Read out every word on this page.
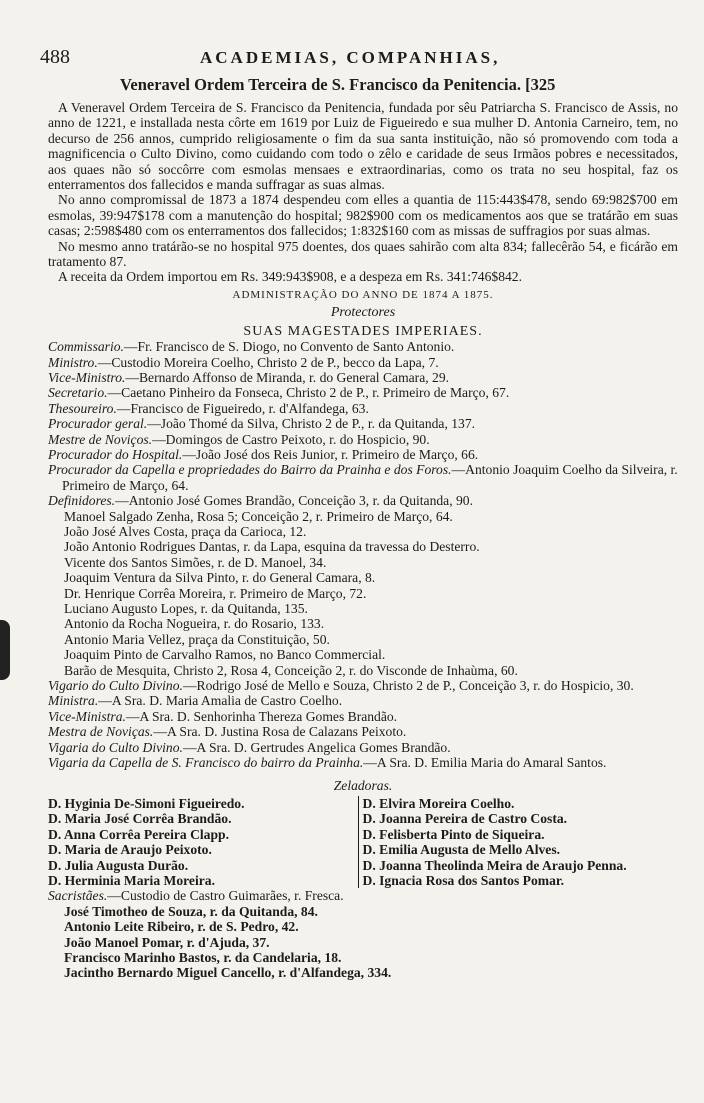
488	ACADEMIAS, COMPANHIAS,
Veneravel Ordem Terceira de S. Francisco da Penitencia. [325

A Veneravel Ordem Terceira de S. Francisco da Penitencia, fundada por sêu Patriarcha S. Francisco de Assis, no anno de 1221, e installada nesta côrte em 1619 por Luiz de Figueiredo e sua mulher D. Antonia Carneiro, tem, no decurso de 256 annos, cumprido religiosamente o fim da sua santa instituição, não só promovendo com toda a magnificencia o Culto Divino, como cuidando com todo o zêlo e caridade de seus Irmãos pobres e necessitados, aos quaes não só soccôrre com esmolas mensaes e extraordinarias, como os trata no seu hospital, faz os enterramentos dos fallecidos e manda suffragar as suas almas.

No anno compromissal de 1873 a 1874 despendeu com elles a quantia de 115:443$478, sendo 69:982$700 em esmolas, 39:947$178 com a manutenção do hospital; 982$900 com os medicamentos aos que se tratárão em suas casas; 2:598$480 com os enterramentos dos fallecidos; 1:832$160 com as missas de suffragios por suas almas.

No mesmo anno tratárão-se no hospital 975 doentes, dos quaes sahirão com alta 834; fallecêrão 54, e ficárão em tratamento 87.

A receita da Ordem importou em Rs. 349:943$908, e a despeza em Rs. 341:746$842.

ADMINISTRAÇÃO DO ANNO DE 1874 A 1875.
Protectores
SUAS MAGESTADES IMPERIAES.

Commissario.—Fr. Francisco de S. Diogo, no Convento de Santo Antonio.

Ministro.—Custodio Moreira Coelho, Christo 2 de P., becco da Lapa, 7.

Vice-Ministro.—Bernardo Affonso de Miranda, r. do General Camara, 29.

Secretario.—Caetano Pinheiro da Fonseca, Christo 2 de P., r. Primeiro de Março, 67.

Thesoureiro.—Francisco de Figueiredo, r. d'Alfandega, 63.

Procurador geral.—João Thomé da Silva, Christo 2 de P., r. da Quitanda, 137.

Mestre de Noviços.—Domingos de Castro Peixoto, r. do Hospicio, 90.

Procurador do Hospital.—João José dos Reis Junior, r. Primeiro de Março, 66.

Procurador da Capella e propriedades do Bairro da Prainha e dos Foros.—Antonio Joaquim Coelho da Silveira, r. Primeiro de Março, 64.

Definidores.—Antonio José Gomes Brandão, Conceição 3, r. da Quitanda, 90.

Manoel Salgado Zenha, Rosa 5; Conceição 2, r. Primeiro de Março, 64.
João José Alves Costa, praça da Carioca, 12.
João Antonio Rodrigues Dantas, r. da Lapa, esquina da travessa do Desterro.
Vicente dos Santos Simões, r. de D. Manoel, 34.
Joaquim Ventura da Silva Pinto, r. do General Camara, 8.
Dr. Henrique Corrêa Moreira, r. Primeiro de Março, 72.
Luciano Augusto Lopes, r. da Quitanda, 135.
Antonio da Rocha Nogueira, r. do Rosario, 133.
Antonio Maria Vellez, praça da Constituição, 50.
Joaquim Pinto de Carvalho Ramos, no Banco Commercial.
Barão de Mesquita, Christo 2, Rosa 4, Conceição 2, r. do Visconde de Inhaùma, 60.

Vigario do Culto Divino.—Rodrigo José de Mello e Souza, Christo 2 de P., Conceição 3, r. do Hospicio, 30.

Ministra.—A Sra. D. Maria Amalia de Castro Coelho.

Vice-Ministra.—A Sra. D. Senhorinha Thereza Gomes Brandão.

Mestra de Noviças.—A Sra. D. Justina Rosa de Calazans Peixoto.

Vigaria do Culto Divino.—A Sra. D. Gertrudes Angelica Gomes Brandão.

Vigaria da Capella de S. Francisco do bairro da Prainha.—A Sra. D. Emilia Maria do Amaral Santos.

Zeladoras.
D. Hyginia De-Simoni Figueiredo.
D. Maria José Corrêa Brandão.
D. Anna Corrêa Pereira Clapp.
D. Maria de Araujo Peixoto.
D. Julia Augusta Durão.
D. Herminia Maria Moreira.
D. Elvira Moreira Coelho.
D. Joanna Pereira de Castro Costa.
D. Felisberta Pinto de Siqueira.
D. Emilia Augusta de Mello Alves.
D. Joanna Theolinda Meira de Araujo Penna.
D. Ignacia Rosa dos Santos Pomar.

Sacristães.—Custodio de Castro Guimarães, r. Fresca.

José Timotheo de Souza, r. da Quitanda, 84.
Antonio Leite Ribeiro, r. de S. Pedro, 42.
João Manoel Pomar, r. d'Ajuda, 37.
Francisco Marinho Bastos, r. da Candelaria, 18.
Jacintho Bernardo Miguel Cancello, r. d'Alfandega, 334.
